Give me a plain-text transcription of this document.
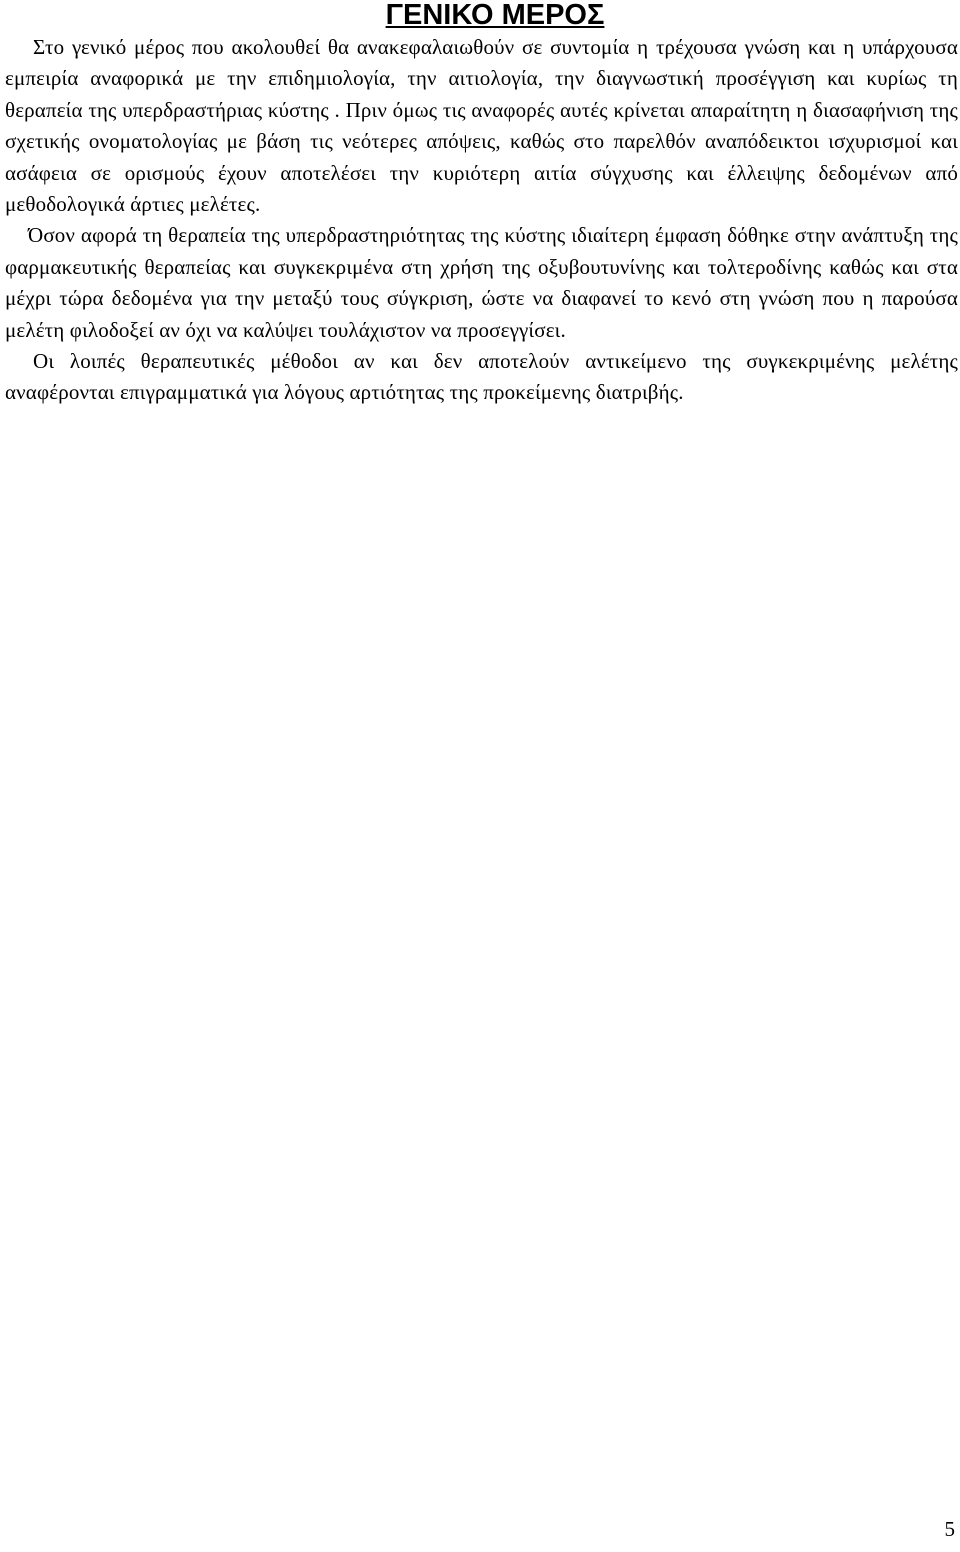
ΓΕΝΙΚΟ ΜΕΡΟΣ

Στο γενικό μέρος που ακολουθεί θα ανακεφαλαιωθούν σε συντομία η τρέχουσα γνώση και η υπάρχουσα εμπειρία αναφορικά με την επιδημιολογία, την αιτιολογία, την διαγνωστική προσέγγιση και κυρίως τη θεραπεία της υπερδραστήριας κύστης . Πριν όμως τις αναφορές αυτές κρίνεται απαραίτητη η διασαφήνιση της σχετικής ονοματολογίας με βάση τις νεότερες απόψεις, καθώς στο παρελθόν αναπόδεικτοι ισχυρισμοί και ασάφεια σε ορισμούς έχουν αποτελέσει την κυριότερη αιτία σύγχυσης και έλλειψης δεδομένων από μεθοδολογικά άρτιες μελέτες.

Όσον αφορά τη θεραπεία της υπερδραστηριότητας της κύστης ιδιαίτερη έμφαση δόθηκε στην ανάπτυξη της φαρμακευτικής θεραπείας και συγκεκριμένα στη χρήση της οξυβουτυνίνης και τολτεροδίνης καθώς και στα μέχρι τώρα δεδομένα για την μεταξύ τους σύγκριση, ώστε να διαφανεί το κενό στη γνώση που η παρούσα μελέτη φιλοδοξεί αν όχι να καλύψει τουλάχιστον να προσεγγίσει.

Οι λοιπές θεραπευτικές μέθοδοι αν και δεν αποτελούν αντικείμενο της συγκεκριμένης μελέτης αναφέρονται επιγραμματικά για λόγους αρτιότητας της προκείμενης διατριβής.

5
